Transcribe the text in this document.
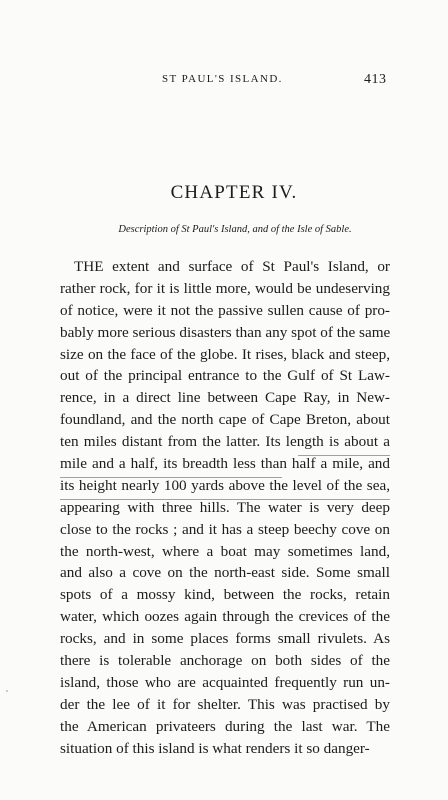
ST PAUL'S ISLAND.	413
CHAPTER IV.
Description of St Paul's Island, and of the Isle of Sable.
THE extent and surface of St Paul's Island, or
rather rock, for it is little more, would be undeserving
of notice, were it not the passive sullen cause of pro-
bably more serious disasters than any spot of the same
size on the face of the globe. It rises, black and steep,
out of the principal entrance to the Gulf of St Law-
rence, in a direct line between Cape Ray, in New-
foundland, and the north cape of Cape Breton, about
ten miles distant from the latter. Its length is about a
mile and a half, its breadth less than half a mile, and
its height nearly 100 yards above the level of the sea,
appearing with three hills. The water is very deep
close to the rocks ; and it has a steep beechy cove on
the north-west, where a boat may sometimes land,
and also a cove on the north-east side. Some small
spots of a mossy kind, between the rocks, retain
water, which oozes again through the crevices of the
rocks, and in some places forms small rivulets. As
there is tolerable anchorage on both sides of the
island, those who are acquainted frequently run un-
der the lee of it for shelter. This was practised by
the American privateers during the last war. The
situation of this island is what renders it so danger-
